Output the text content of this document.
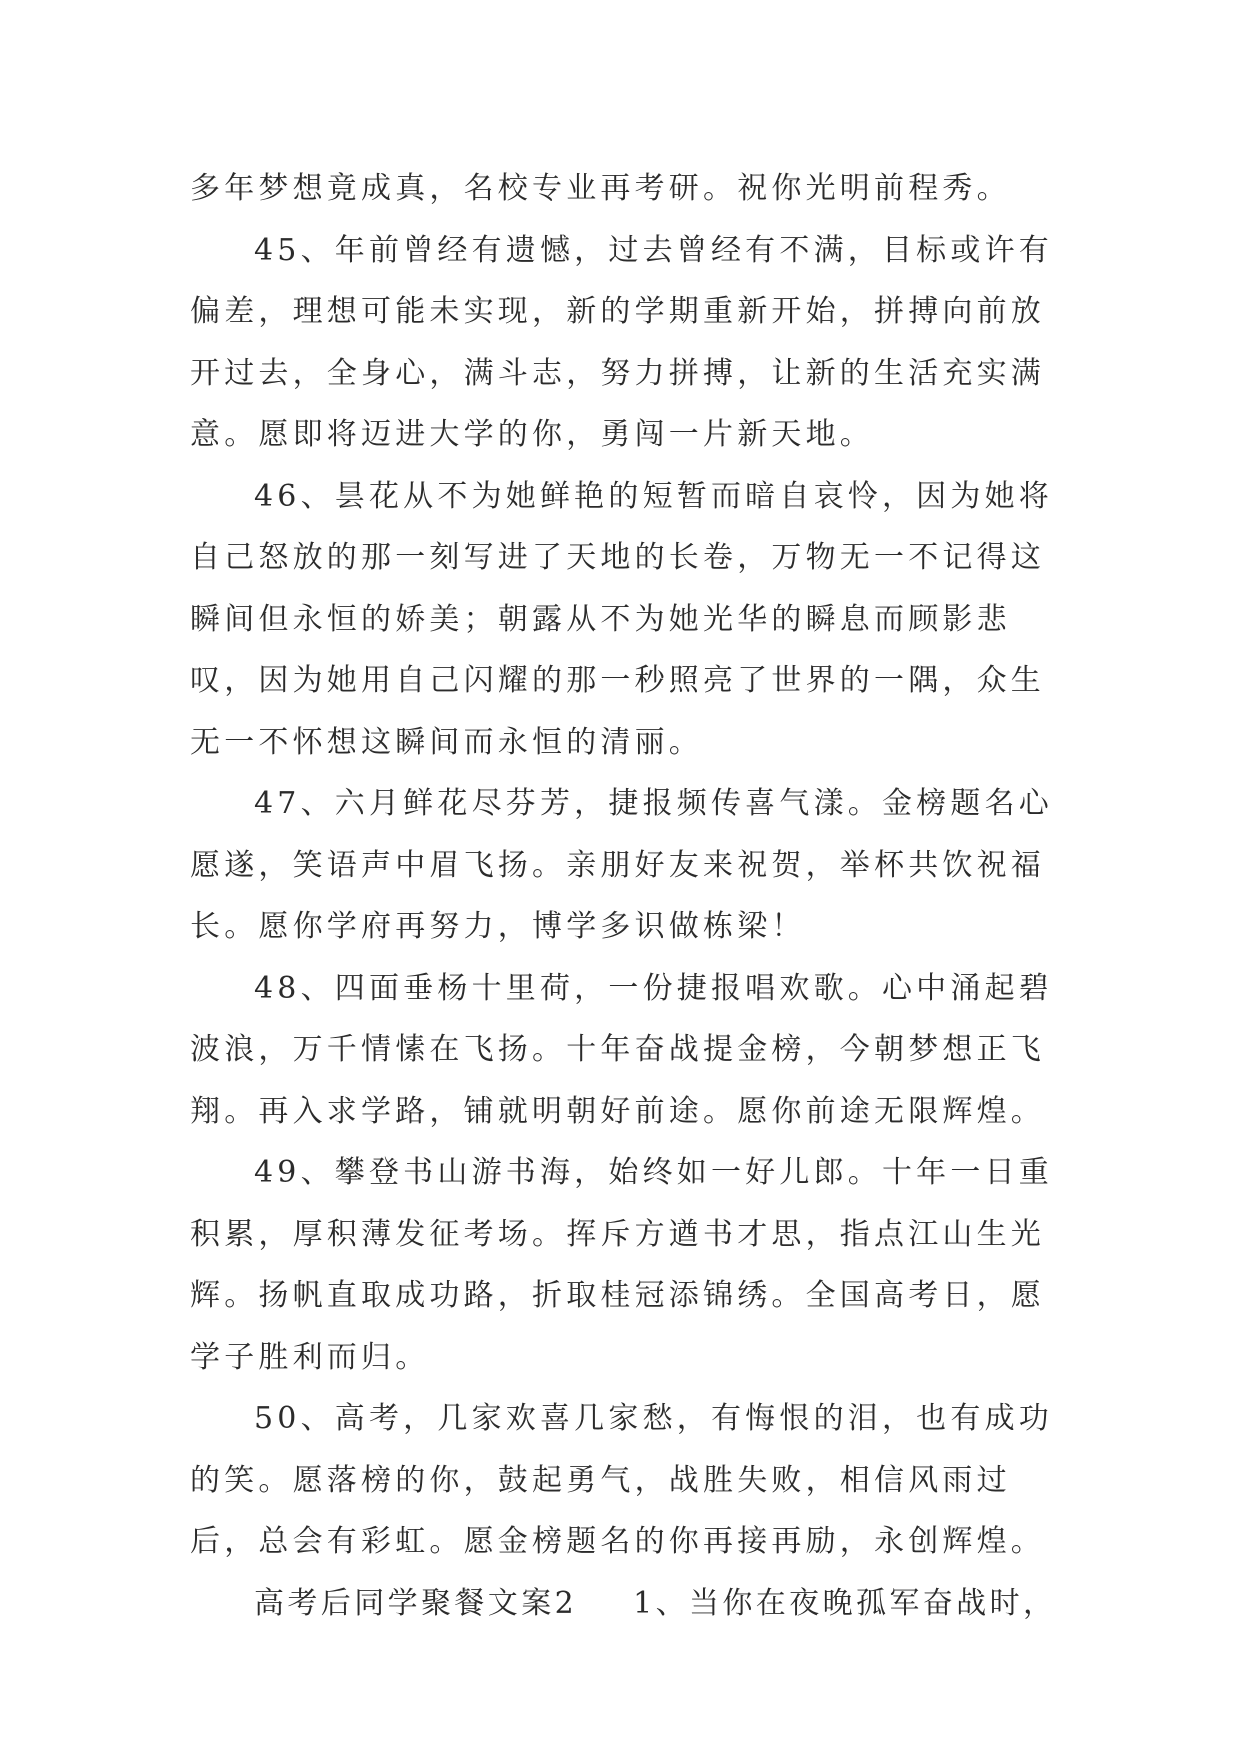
多年梦想竟成真，名校专业再考研。祝你光明前程秀。

45、年前曾经有遗憾，过去曾经有不满，目标或许有偏差，理想可能未实现，新的学期重新开始，拼搏向前放开过去，全身心，满斗志，努力拼搏，让新的生活充实满意。愿即将迈进大学的你，勇闯一片新天地。

46、昙花从不为她鲜艳的短暂而暗自哀怜，因为她将自己怒放的那一刻写进了天地的长卷，万物无一不记得这瞬间但永恒的娇美；朝露从不为她光华的瞬息而顾影悲叹，因为她用自己闪耀的那一秒照亮了世界的一隅，众生无一不怀想这瞬间而永恒的清丽。

47、六月鲜花尽芬芳，捷报频传喜气漾。金榜题名心愿遂，笑语声中眉飞扬。亲朋好友来祝贺，举杯共饮祝福长。愿你学府再努力，博学多识做栋梁！

48、四面垂杨十里荷，一份捷报唱欢歌。心中涌起碧波浪，万千情愫在飞扬。十年奋战提金榜，今朝梦想正飞翔。再入求学路，铺就明朝好前途。愿你前途无限辉煌。

49、攀登书山游书海，始终如一好儿郎。十年一日重积累，厚积薄发征考场。挥斥方遒书才思，指点江山生光辉。扬帆直取成功路，折取桂冠添锦绣。全国高考日，愿学子胜利而归。

50、高考，几家欢喜几家愁，有悔恨的泪，也有成功的笑。愿落榜的你，鼓起勇气，战胜失败，相信风雨过后，总会有彩虹。愿金榜题名的你再接再励，永创辉煌。

高考后同学聚餐文案2 1、当你在夜晚孤军奋战时，
